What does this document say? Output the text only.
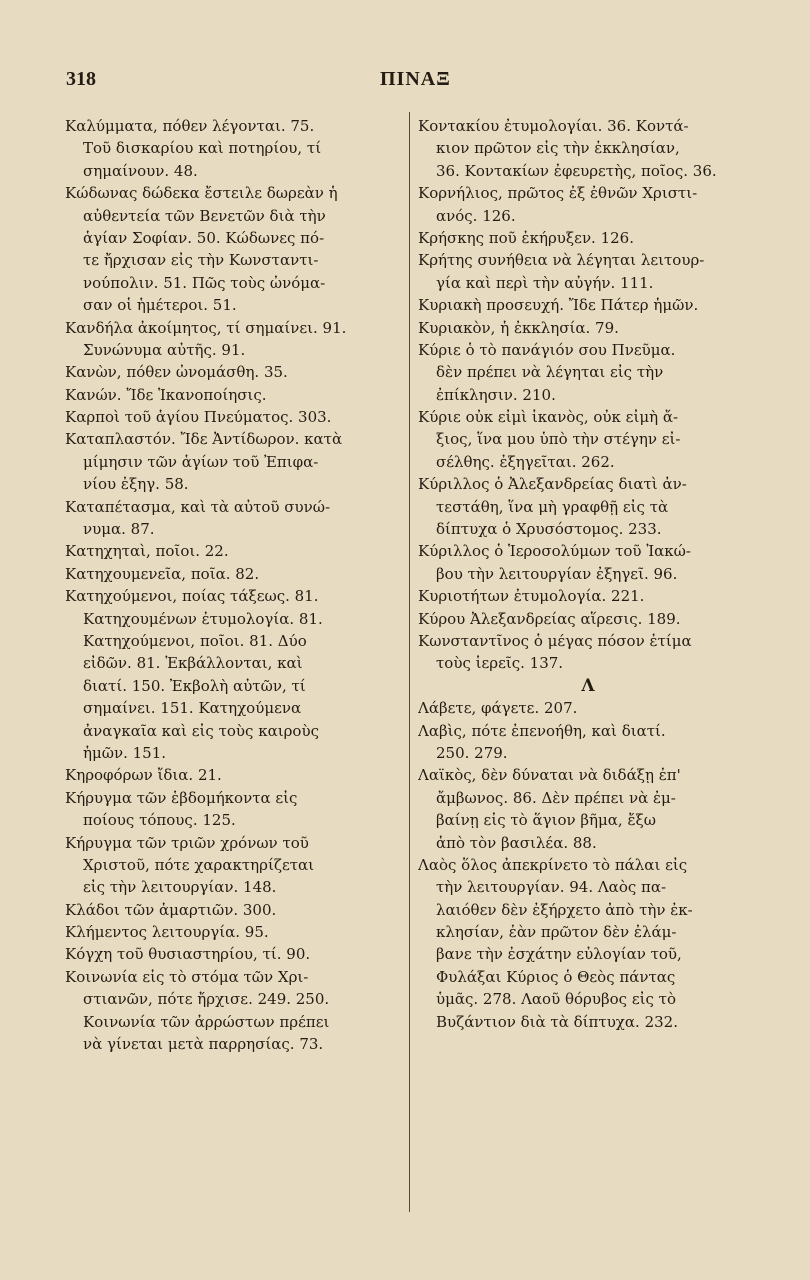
318	ΠΙΝΑΞ
Καλύμματα, πόθεν λέγονται. 75.
Τοῦ δισκαρίου καὶ ποτηρίου, τί
σημαίνουν. 48.
Κώδωνας δώδεκα ἔστειλε δωρεὰν ἡ
αὐθεντεία τῶν Βενετῶν διὰ τὴν
ἁγίαν Σοφίαν. 50. Κώδωνες πό-
τε ἤρχισαν εἰς τὴν Κωνσταντι-
νούπολιν. 51. Πῶς τοὺς ὠνόμα-
σαν οἱ ἡμέτεροι. 51.
Κανδήλα ἀκοίμητος, τί σημαίνει. 91.
Συνώνυμα αὐτῆς. 91.
Κανὼν, πόθεν ὠνομάσθη. 35.
Κανών. Ἴδε Ἱκανοποίησις.
Καρποὶ τοῦ ἁγίου Πνεύματος. 303.
Καταπλαστόν. Ἴδε Ἀντίδωρον. κατὰ
μίμησιν τῶν ἁγίων τοῦ Ἐπιφα-
νίου ἐξηγ. 58.
Καταπέτασμα, καὶ τὰ αὐτοῦ συνώ-
νυμα. 87.
Κατηχηταὶ, ποῖοι. 22.
Κατηχουμενεῖα, ποῖα. 82.
Κατηχούμενοι, ποίας τάξεως. 81.
Κατηχουμένων ἐτυμολογία. 81.
Κατηχούμενοι, ποῖοι. 81. Δύο
εἰδῶν. 81. Ἐκβάλλονται, καὶ
διατί. 150. Ἐκβολὴ αὐτῶν, τί
σημαίνει. 151. Κατηχούμενα
ἀναγκαῖα καὶ εἰς τοὺς καιροὺς
ἡμῶν. 151.
Κηροφόρων ἴδια. 21.
Κήρυγμα τῶν ἑβδομήκοντα εἰς
ποίους τόπους. 125.
Κήρυγμα τῶν τριῶν χρόνων τοῦ
Χριστοῦ, πότε χαρακτηρίζεται
εἰς τὴν λειτουργίαν. 148.
Κλάδοι τῶν ἁμαρτιῶν. 300.
Κλήμεντος λειτουργία. 95.
Κόγχη τοῦ θυσιαστηρίου, τί. 90.
Κοινωνία εἰς τὸ στόμα τῶν Χρι-
στιανῶν, πότε ἤρχισε. 249. 250.
Κοινωνία τῶν ἀρρώστων πρέπει
νὰ γίνεται μετὰ παρρησίας. 73.
Κοντακίου ἐτυμολογίαι. 36. Κοντά-
κιον πρῶτον εἰς τὴν ἐκκλησίαν,
36. Κοντακίων ἐφευρετὴς, ποῖος. 36.
Κορνήλιος, πρῶτος ἐξ ἐθνῶν Χριστι-
ανός. 126.
Κρήσκης ποῦ ἐκήρυξεν. 126.
Κρήτης συνήθεια νὰ λέγηται λειτουρ-
γία καὶ περὶ τὴν αὐγήν. 111.
Κυριακὴ προσευχή. Ἴδε Πάτερ ἡμῶν.
Κυριακὸν, ἡ ἐκκλησία. 79.
Κύριε ὁ τὸ πανάγιόν σου Πνεῦμα.
δὲν πρέπει νὰ λέγηται εἰς τὴν
ἐπίκλησιν. 210.
Κύριε οὐκ εἰμὶ ἱκανὸς, οὐκ εἰμὴ ἄ-
ξιος, ἵνα μου ὑπὸ τὴν στέγην εἰ-
σέλθης. ἐξηγεῖται. 262.
Κύριλλος ὁ Ἀλεξανδρείας διατὶ ἀν-
τεστάθη, ἵνα μὴ γραφθῇ εἰς τὰ
δίπτυχα ὁ Χρυσόστομος. 233.
Κύριλλος ὁ Ἱεροσολύμων τοῦ Ἰακώ-
βου τὴν λειτουργίαν ἐξηγεῖ. 96.
Κυριοτήτων ἐτυμολογία. 221.
Κύρου Ἀλεξανδρείας αἵρεσις. 189.
Κωνσταντῖνος ὁ μέγας πόσον ἐτίμα
τοὺς ἱερεῖς. 137.
Λ
Λάβετε, φάγετε. 207.
Λαβὶς, πότε ἐπενοήθη, καὶ διατί.
250. 279.
Λαϊκὸς, δὲν δύναται νὰ διδάξῃ ἐπ'
ἄμβωνος. 86. Δὲν πρέπει νὰ ἐμ-
βαίνῃ εἰς τὸ ἅγιον βῆμα, ἔξω
ἀπὸ τὸν βασιλέα. 88.
Λαὸς ὅλος ἀπεκρίνετο τὸ πάλαι εἰς
τὴν λειτουργίαν. 94. Λαὸς πα-
λαιόθεν δὲν ἐξήρχετο ἀπὸ τὴν ἐκ-
κλησίαν, ἐὰν πρῶτον δὲν ἐλάμ-
βανε τὴν ἐσχάτην εὐλογίαν τοῦ,
Φυλάξαι Κύριος ὁ Θεὸς πάντας
ὑμᾶς. 278. Λαοῦ θόρυβος εἰς τὸ
Βυζάντιον διὰ τὰ δίπτυχα. 232.
